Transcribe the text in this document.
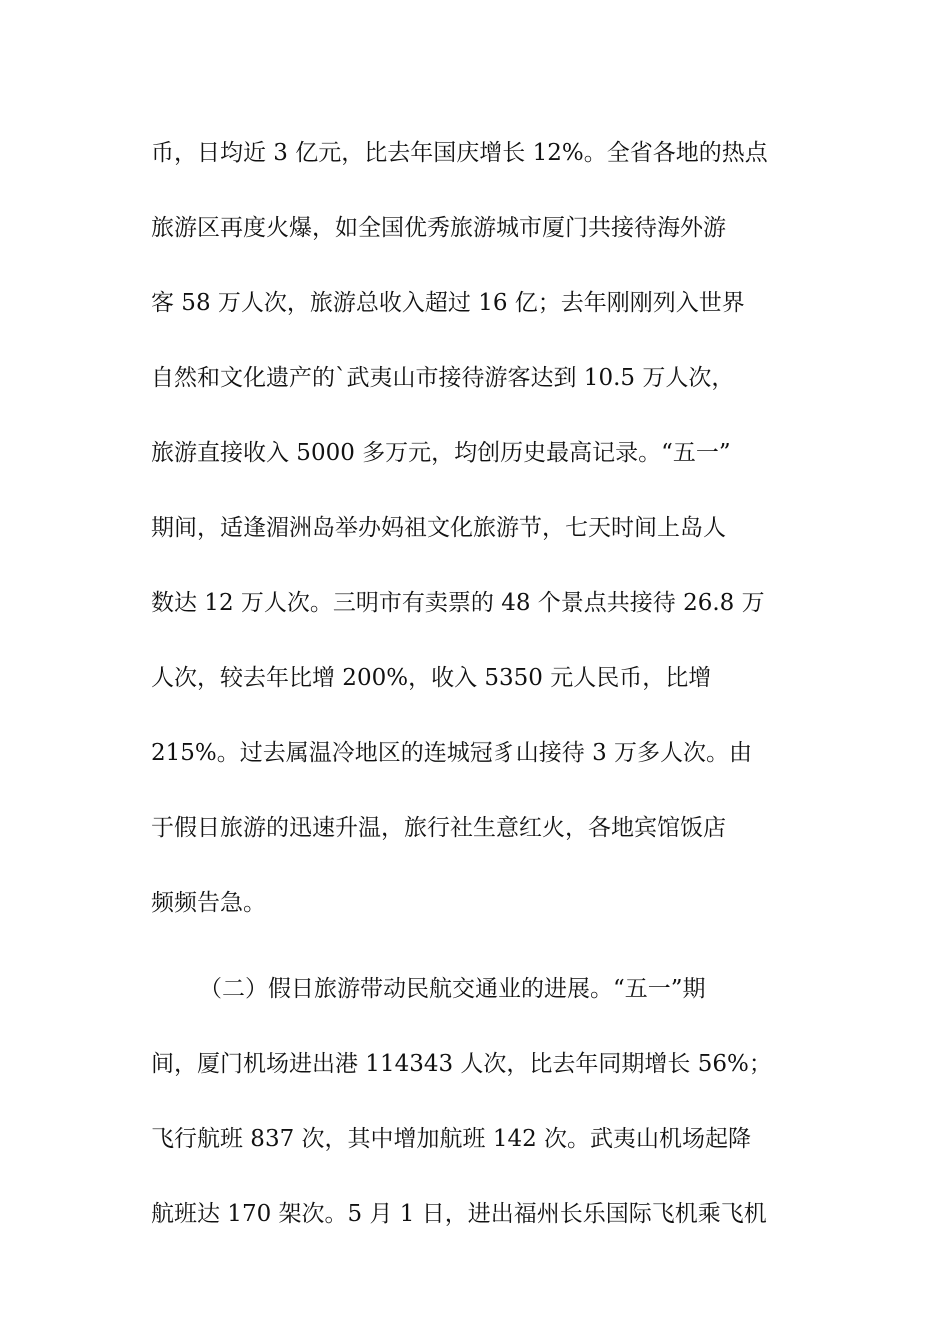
币，日均近 3 亿元，比去年国庆增长 12%。全省各地的热点
旅游区再度火爆，如全国优秀旅游城市厦门共接待海外游
客 58 万人次，旅游总收入超过 16 亿；去年刚刚列入世界
自然和文化遗产的`武夷山市接待游客达到 10.5 万人次，
旅游直接收入 5000 多万元，均创历史最高记录。“五一”
期间，适逢湄洲岛举办妈祖文化旅游节，七天时间上岛人
数达 12 万人次。三明市有卖票的 48 个景点共接待 26.8 万
人次，较去年比增 200%，收入 5350 元人民币，比增
215%。过去属温冷地区的连城冠豸山接待 3 万多人次。由
于假日旅游的迅速升温，旅行社生意红火，各地宾馆饭店
频频告急。
（二）假日旅游带动民航交通业的进展。“五一”期
间，厦门机场进出港 114343 人次，比去年同期增长 56%；
飞行航班 837 次，其中增加航班 142 次。武夷山机场起降
航班达 170 架次。5 月 1 日，进出福州长乐国际飞机乘飞机
